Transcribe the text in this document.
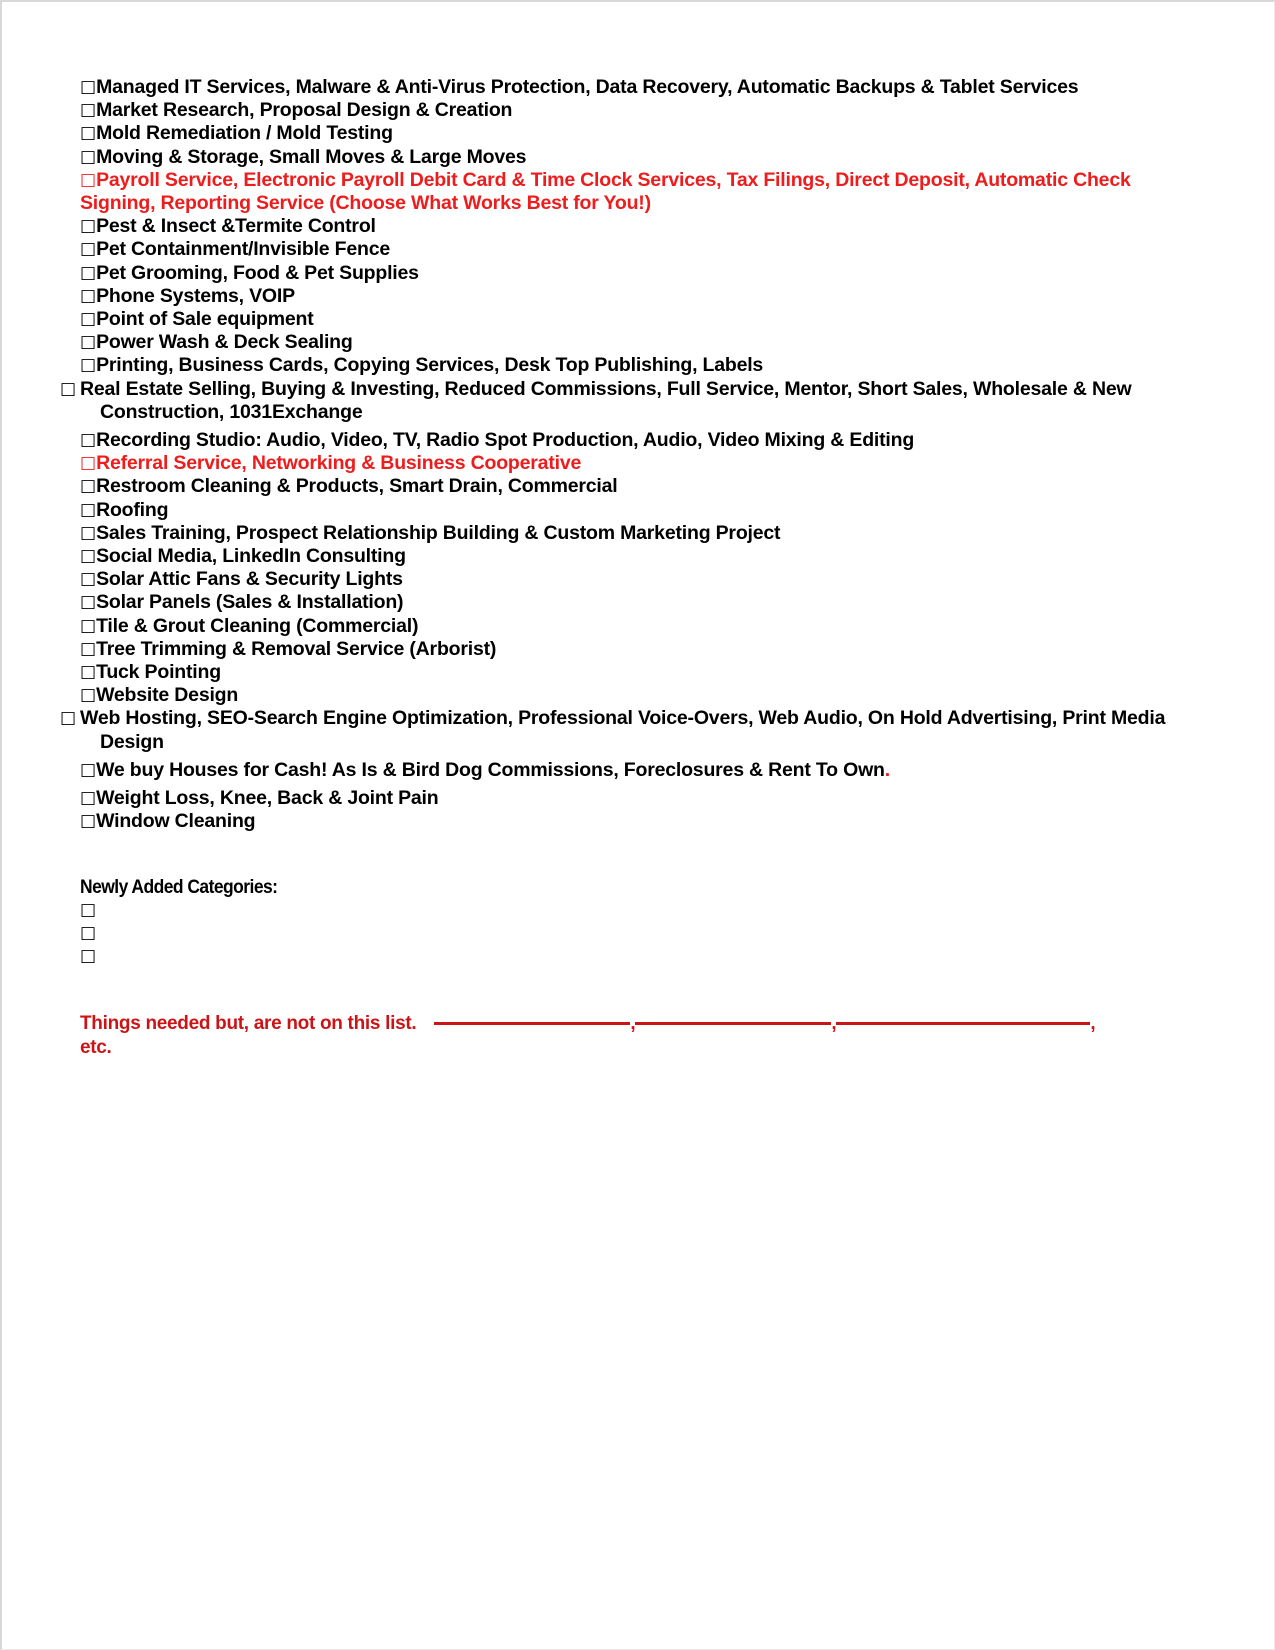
□Managed IT Services, Malware & Anti-Virus Protection, Data Recovery, Automatic Backups & Tablet Services
□Market Research, Proposal Design & Creation
□Mold Remediation / Mold Testing
□Moving & Storage, Small Moves & Large Moves
□Payroll Service, Electronic Payroll Debit Card & Time Clock Services, Tax Filings, Direct Deposit, Automatic Check Signing, Reporting Service (Choose What Works Best for You!)
□Pest & Insect &Termite Control
□Pet Containment/Invisible Fence
□Pet Grooming, Food & Pet Supplies
□Phone Systems, VOIP
□Point of Sale equipment
□Power Wash & Deck Sealing
□Printing, Business Cards, Copying Services, Desk Top Publishing, Labels
□ Real Estate Selling, Buying & Investing, Reduced Commissions, Full Service, Mentor, Short Sales, Wholesale & New Construction, 1031Exchange
□Recording Studio: Audio, Video, TV, Radio Spot Production, Audio, Video Mixing & Editing
□Referral Service, Networking & Business Cooperative
□Restroom Cleaning & Products, Smart Drain, Commercial
□Roofing
□Sales Training, Prospect Relationship Building & Custom Marketing Project
□Social Media, LinkedIn Consulting
□Solar Attic Fans & Security Lights
□Solar Panels (Sales & Installation)
□Tile & Grout Cleaning (Commercial)
□Tree Trimming & Removal Service (Arborist)
□Tuck Pointing
□Website Design
□ Web Hosting, SEO-Search Engine Optimization, Professional Voice-Overs, Web Audio, On Hold Advertising, Print Media Design
□We buy Houses for Cash! As Is & Bird Dog Commissions, Foreclosures & Rent To Own.
□Weight Loss, Knee, Back & Joint Pain
□Window Cleaning
Newly Added Categories:
□
□
□
Things needed but, are not on this list.	,	,	,
etc.
